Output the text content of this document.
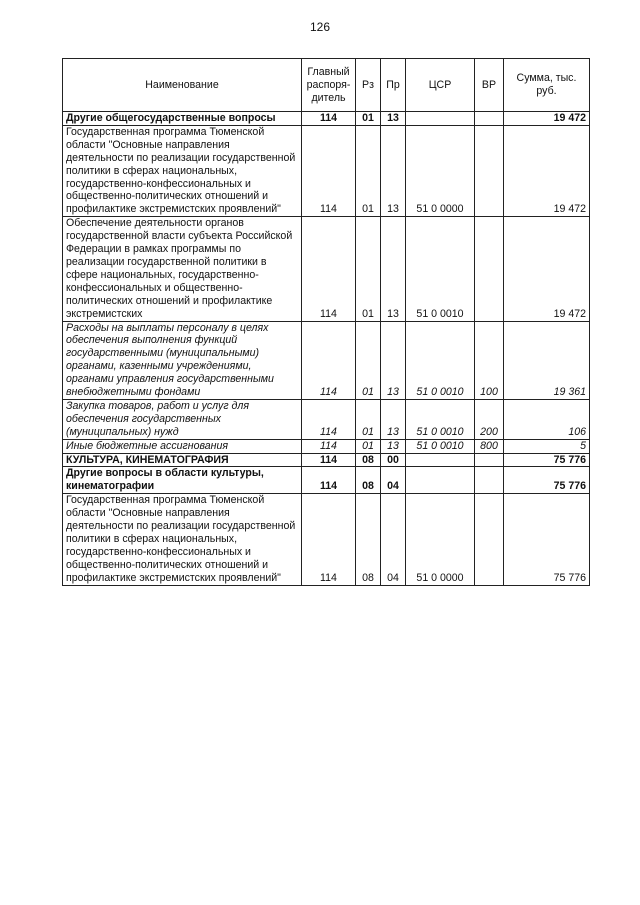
126
Наименование	Главный распоря-дитель	Рз	Пр	ЦСР	ВР	Сумма, тыс. руб.
Другие общегосударственные вопросы	114	01	13			19 472
Государственная программа Тюменской области "Основные направления деятельности по реализации государственной политики в сферах национальных, государственно-конфессиональных и общественно-политических отношений и профилактике экстремистских проявлений"	114	01	13	51 0 0000		19 472
Обеспечение деятельности органов государственной власти субъекта Российской Федерации в рамках программы по реализации государственной политики в сфере национальных, государственно-конфессиональных и общественно-политических отношений и профилактике экстремистских	114	01	13	51 0 0010		19 472
Расходы на выплаты персоналу в целях обеспечения выполнения функций государственными (муниципальными) органами, казенными учреждениями, органами управления государственными внебюджетными фондами	114	01	13	51 0 0010	100	19 361
Закупка товаров, работ и услуг для обеспечения государственных (муниципальных) нужд	114	01	13	51 0 0010	200	106
Иные бюджетные ассигнования	114	01	13	51 0 0010	800	5
КУЛЬТУРА, КИНЕМАТОГРАФИЯ	114	08	00			75 776
Другие вопросы в области культуры, кинематографии	114	08	04			75 776
Государственная программа Тюменской области "Основные направления деятельности по реализации государственной политики в сферах национальных, государственно-конфессиональных и общественно-политических отношений и профилактике экстремистских проявлений"	114	08	04	51 0 0000		75 776
